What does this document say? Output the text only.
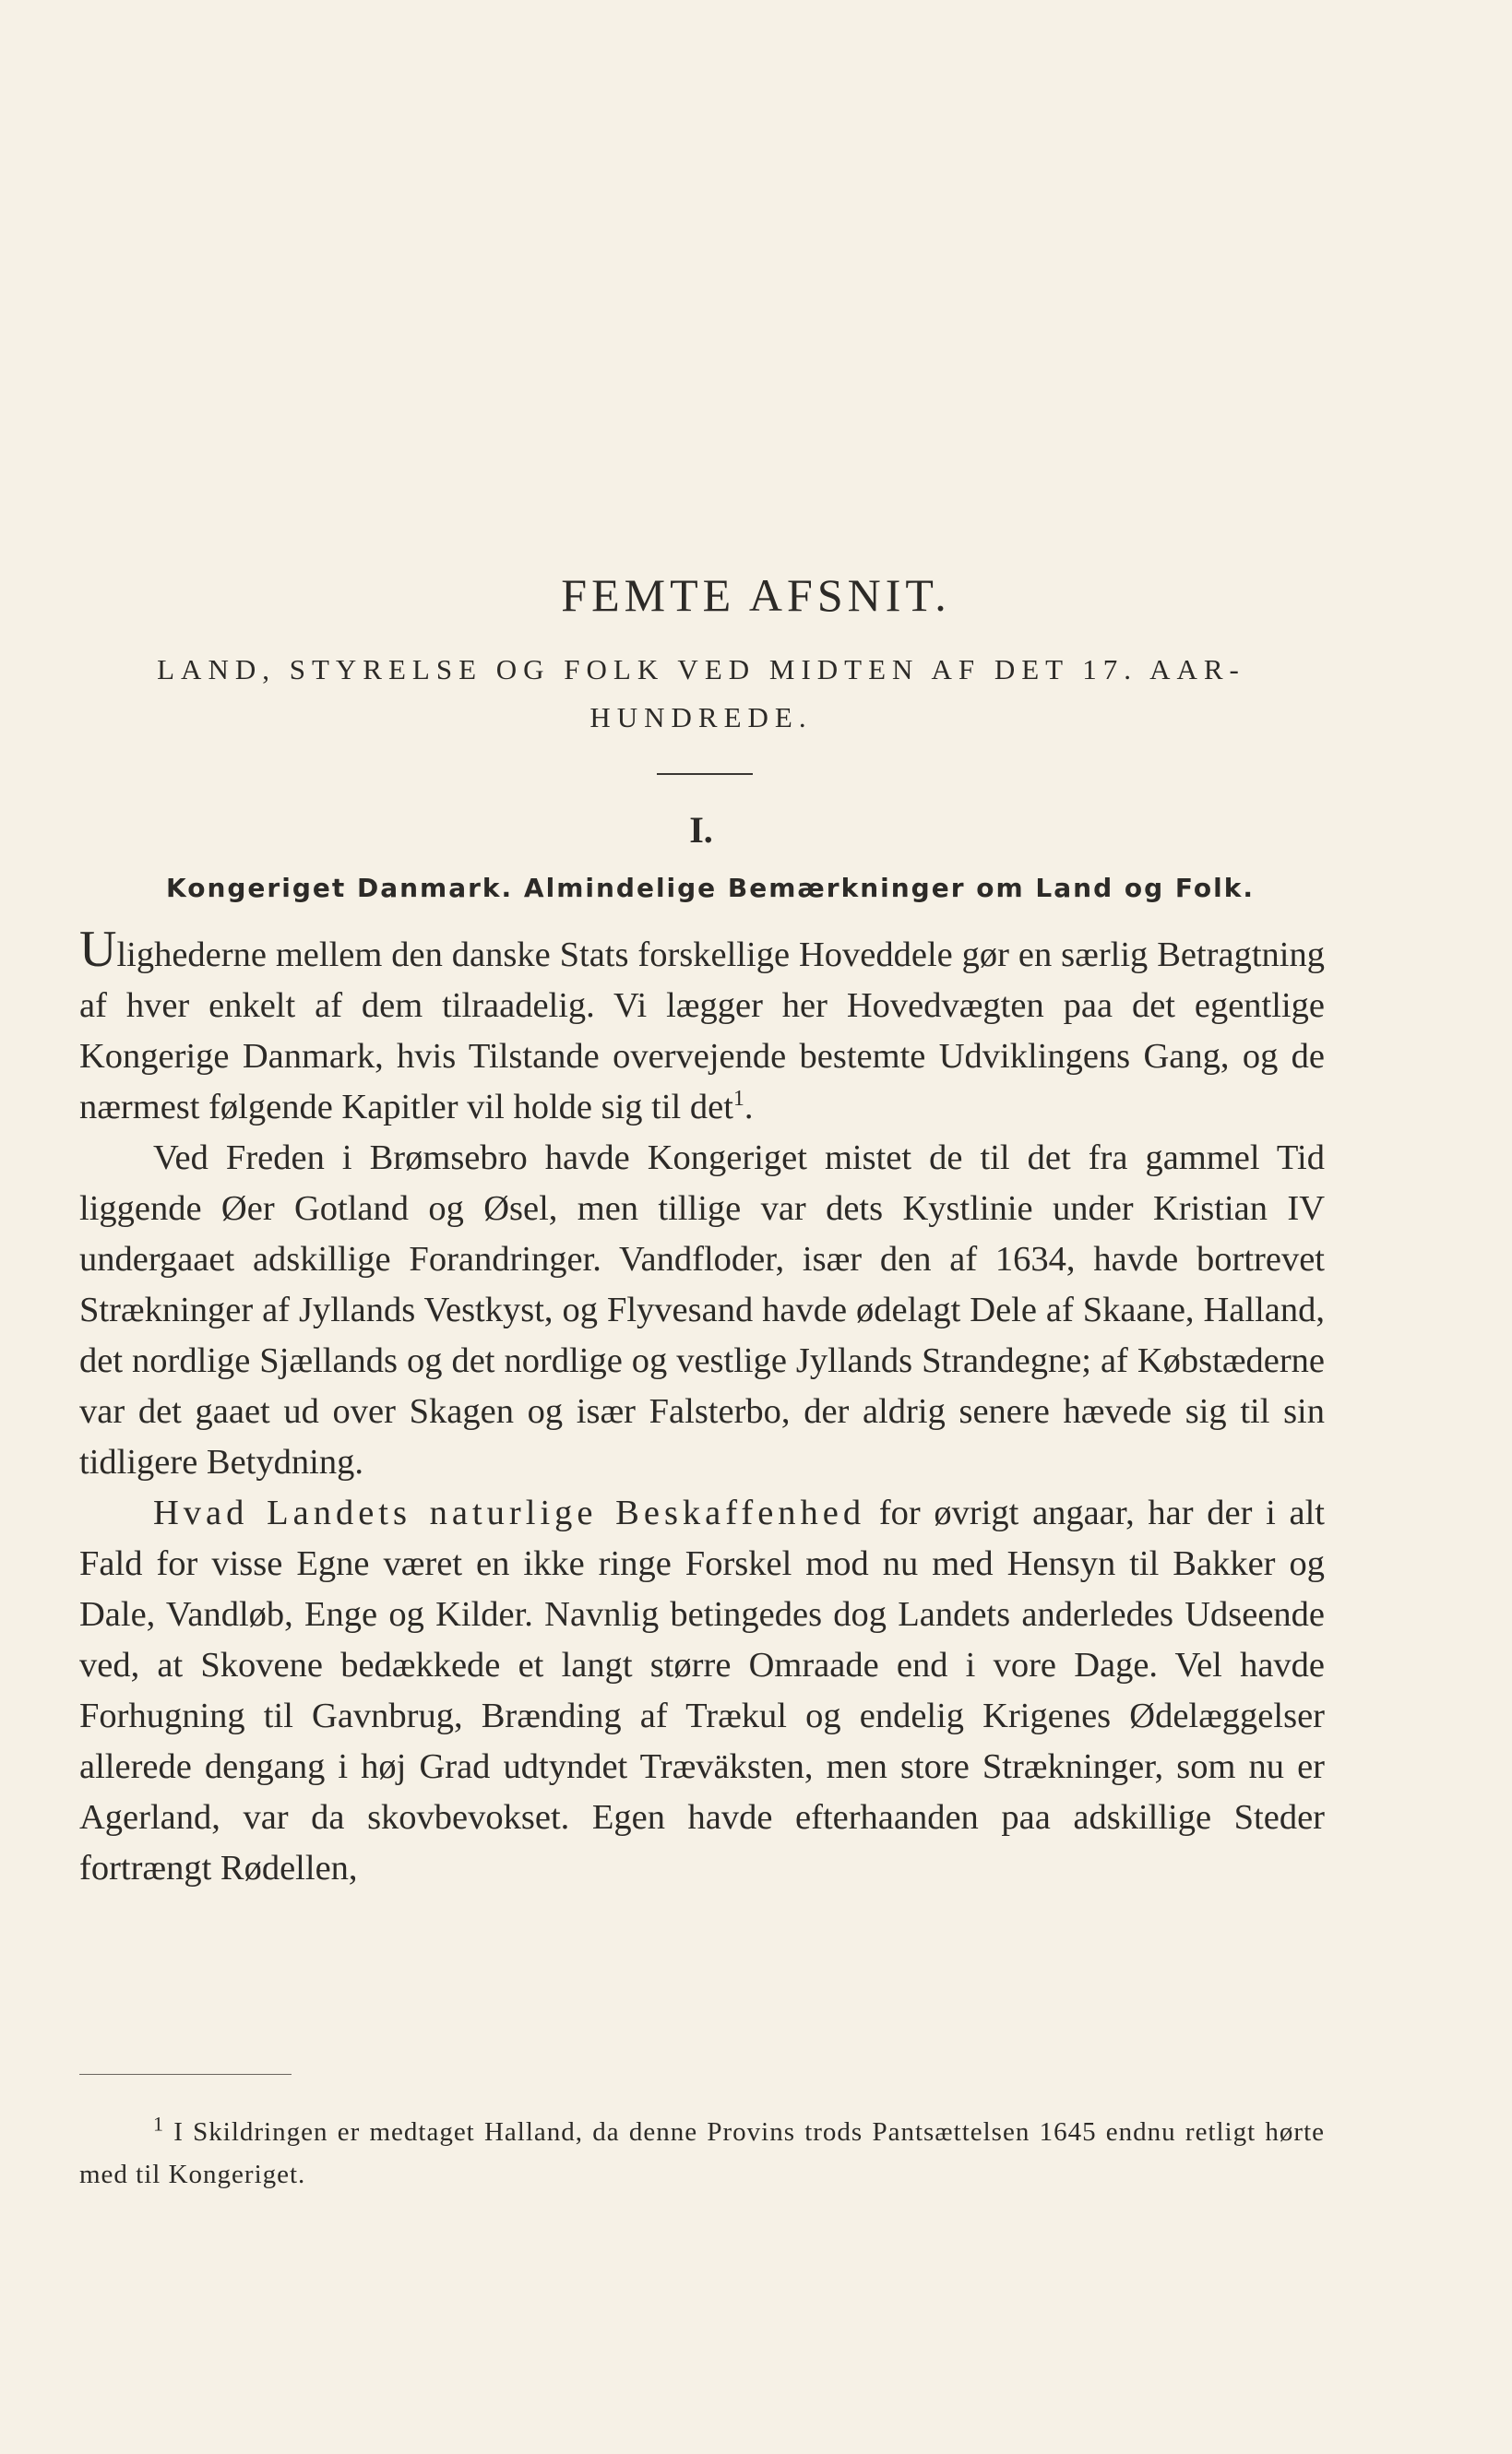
FEMTE AFSNIT.

LAND, STYRELSE OG FOLK VED MIDTEN AF DET 17. AAR-HUNDREDE.

I.
Kongeriget Danmark. Almindelige Bemærkninger om Land og Folk.

Ulighederne mellem den danske Stats forskellige Hoveddele gør en særlig Betragtning af hver enkelt af dem tilraadelig. Vi lægger her Hovedvægten paa det egentlige Kongerige Danmark, hvis Tilstande overvejende bestemte Udviklingens Gang, og de nærmest følgende Kapitler vil holde sig til det$^1$.

Ved Freden i Brømsebro havde Kongeriget mistet de til det fra gammel Tid liggende Øer Gotland og Øsel, men tillige var dets Kystlinie under Kristian IV undergaaet adskillige Forandringer. Vandfloder, især den af 1634, havde bortrevet Strækninger af Jyllands Vestkyst, og Flyvesand havde ødelagt Dele af Skaane, Halland, det nordlige Sjællands og det nordlige og vestlige Jyllands Strandegne; af Købstæderne var det gaaet ud over Skagen og især Falsterbo, der aldrig senere hævede sig til sin tidligere Betydning.

Hvad Landets naturlige Beskaffenhed for øvrigt angaar, har der i alt Fald for visse Egne været en ikke ringe Forskel mod nu med Hensyn til Bakker og Dale, Vandløb, Enge og Kilder. Navnlig betingedes dog Landets anderledes Udseende ved, at Skovene bedækkede et langt større Omraade end i vore Dage. Vel havde Forhugning til Gavnbrug, Brænding af Trækul og endelig Krigenes Ødelæggelser allerede dengang i høj Grad udtyndet Træväksten, men store Strækninger, som nu er Agerland, var da skovbevokset. Egen havde efterhaanden paa adskillige Steder fortrængt Rødellen,

$^1$ I Skildringen er medtaget Halland, da denne Provins trods Pantsættelsen 1645 endnu retligt hørte med til Kongeriget.
